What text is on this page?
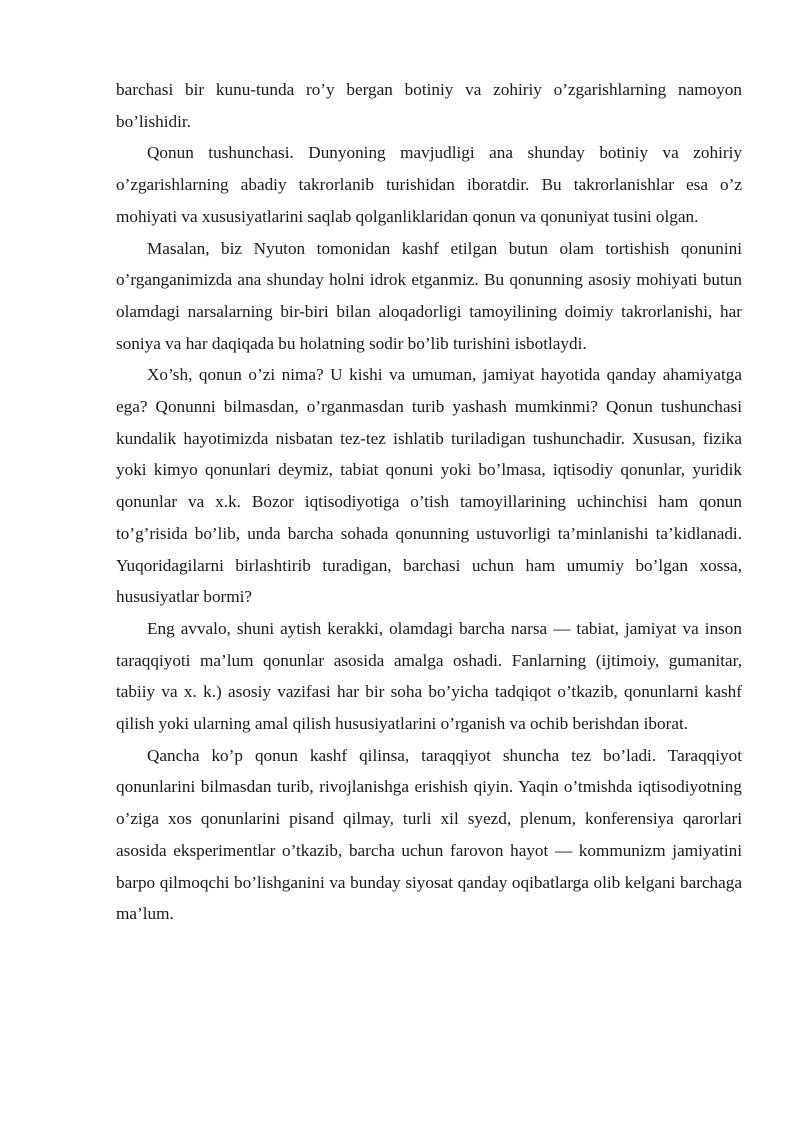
barchasi bir kunu-tunda ro’y bergan botiniy va zohiriy o’zgarishlarning namoyon bo’lishidir.

Qonun tushunchasi. Dunyoning mavjudligi ana shunday botiniy va zohiriy o’zgarishlarning abadiy takrorlanib turishidan iboratdir. Bu takrorlanishlar esa o’z mohiyati va xususiyatlarini saqlab qolganliklaridan qonun va qonuniyat tusini olgan.

Masalan, biz Nyuton tomonidan kashf etilgan butun olam tortishish qonunini o’rganganimizda ana shunday holni idrok etganmiz. Bu qonunning asosiy mohiyati butun olamdagi narsalarning bir-biri bilan aloqadorligi tamoyilining doimiy takrorlanishi, har soniya va har daqiqada bu holatning sodir bo’lib turishini isbotlaydi.

Xo’sh, qonun o’zi nima? U kishi va umuman, jamiyat hayotida qanday ahamiyatga ega? Qonunni bilmasdan, o’rganmasdan turib yashash mumkinmi? Qonun tushunchasi kundalik hayotimizda nisbatan tez-tez ishlatib turiladigan tushunchadir. Xususan, fizika yoki kimyo qonunlari deymiz, tabiat qonuni yoki bo’lmasa, iqtisodiy qonunlar, yuridik qonunlar va x.k. Bozor iqtisodiyotiga o’tish tamoyillarining uchinchisi ham qonun to’g’risida bo’lib, unda barcha sohada qonunning ustuvorligi ta’minlanishi ta’kidlanadi. Yuqoridagilarni birlashtirib turadigan, barchasi uchun ham umumiy bo’lgan xossa, hususiyatlar bormi?

Eng avvalo, shuni aytish kerakki, olamdagi barcha narsa — tabiat, jamiyat va inson taraqqiyoti ma’lum qonunlar asosida amalga oshadi. Fanlarning (ijtimoiy, gumanitar, tabiiy va x. k.) asosiy vazifasi har bir soha bo’yicha tadqiqot o’tkazib, qonunlarni kashf qilish yoki ularning amal qilish hususiyatlarini o’rganish va ochib berishdan iborat.

Qancha ko’p qonun kashf qilinsa, taraqqiyot shuncha tez bo’ladi. Taraqqiyot qonunlarini bilmasdan turib, rivojlanishga erishish qiyin. Yaqin o’tmishda iqtisodiyotning o’ziga xos qonunlarini pisand qilmay, turli xil syezd, plenum, konferensiya qarorlari asosida eksperimentlar o’tkazib, barcha uchun farovon hayot — kommunizm jamiyatini barpo qilmoqchi bo’lishganini va bunday siyosat qanday oqibatlarga olib kelgani barchaga ma’lum.
